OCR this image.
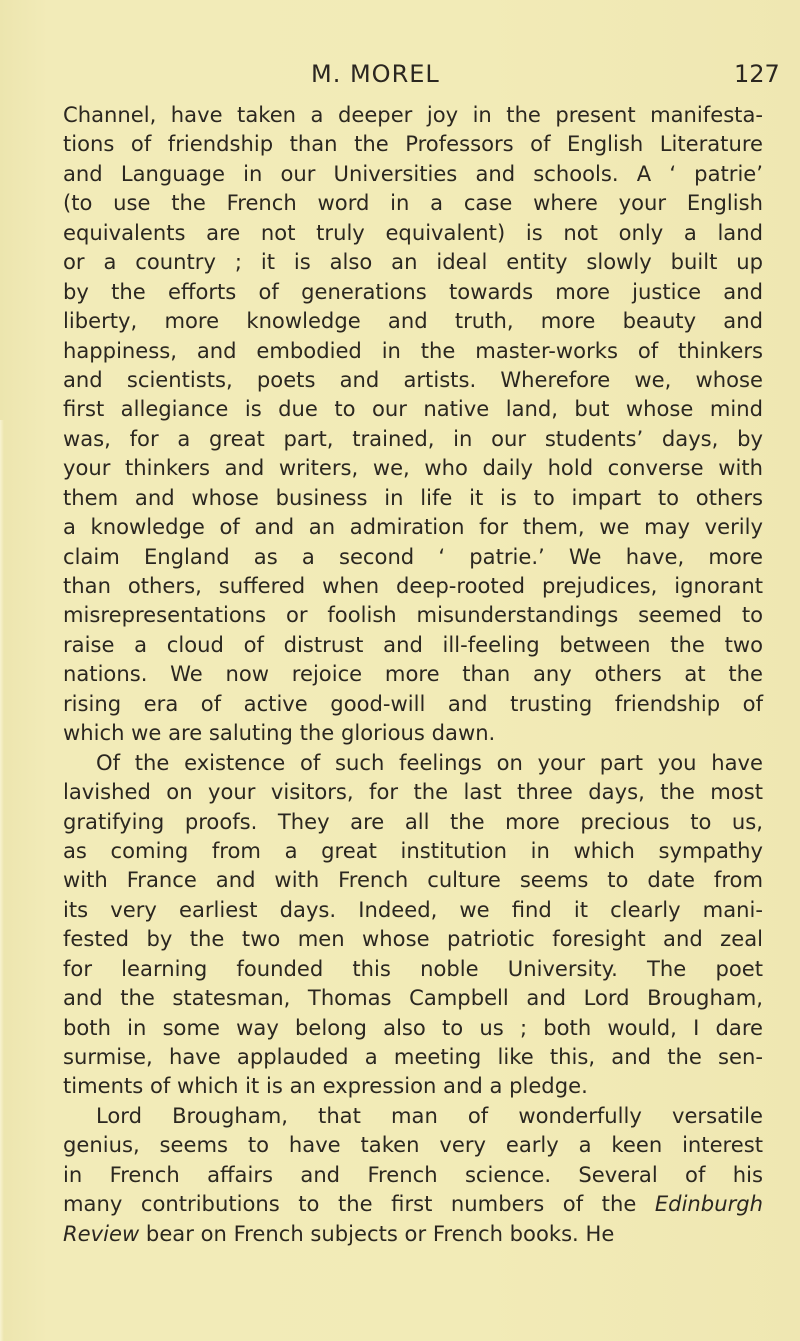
M. MOREL	127
Channel, have taken a deeper joy in the present manifesta-
tions of friendship than the Professors of English Literature
and Language in our Universities and schools. A ‘ patrie’
(to use the French word in a case where your English
equivalents are not truly equivalent) is not only a land
or a country ; it is also an ideal entity slowly built up
by the efforts of generations towards more justice and
liberty, more knowledge and truth, more beauty and
happiness, and embodied in the master-works of thinkers
and scientists, poets and artists. Wherefore we, whose
first allegiance is due to our native land, but whose mind
was, for a great part, trained, in our students’ days, by
your thinkers and writers, we, who daily hold converse with
them and whose business in life it is to impart to others
a knowledge of and an admiration for them, we may verily
claim England as a second ‘ patrie.’ We have, more
than others, suffered when deep-rooted prejudices, ignorant
misrepresentations or foolish misunderstandings seemed to
raise a cloud of distrust and ill-feeling between the two
nations. We now rejoice more than any others at the
rising era of active good-will and trusting friendship of
which we are saluting the glorious dawn.
Of the existence of such feelings on your part you have
lavished on your visitors, for the last three days, the most
gratifying proofs. They are all the more precious to us,
as coming from a great institution in which sympathy
with France and with French culture seems to date from
its very earliest days. Indeed, we find it clearly mani-
fested by the two men whose patriotic foresight and zeal
for learning founded this noble University. The poet
and the statesman, Thomas Campbell and Lord Brougham,
both in some way belong also to us ; both would, I dare
surmise, have applauded a meeting like this, and the sen-
timents of which it is an expression and a pledge.
Lord Brougham, that man of wonderfully versatile
genius, seems to have taken very early a keen interest
in French affairs and French science. Several of his
many contributions to the first numbers of the Edinburgh
Review bear on French subjects or French books. He
